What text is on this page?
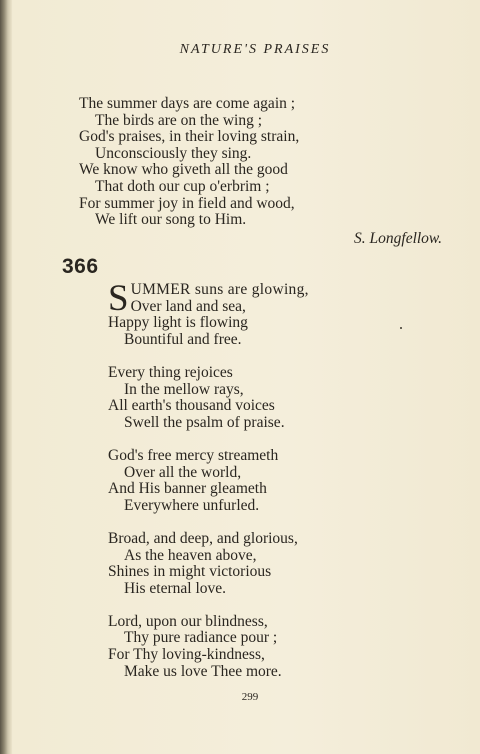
NATURE'S PRAISES
The summer days are come again ;
The birds are on the wing ;
God's praises, in their loving strain,
Unconsciously they sing.
We know who giveth all the good
That doth our cup o'erbrim ;
For summer joy in field and wood,
We lift our song to Him.
S. Longfellow.
366
S UMMER suns are glowing,
Over land and sea,
Happy light is flowing
Bountiful and free.
Every thing rejoices
In the mellow rays,
All earth's thousand voices
Swell the psalm of praise.
God's free mercy streameth
Over all the world,
And His banner gleameth
Everywhere unfurled.
Broad, and deep, and glorious,
As the heaven above,
Shines in might victorious
His eternal love.
Lord, upon our blindness,
Thy pure radiance pour ;
For Thy loving-kindness,
Make us love Thee more.
299
